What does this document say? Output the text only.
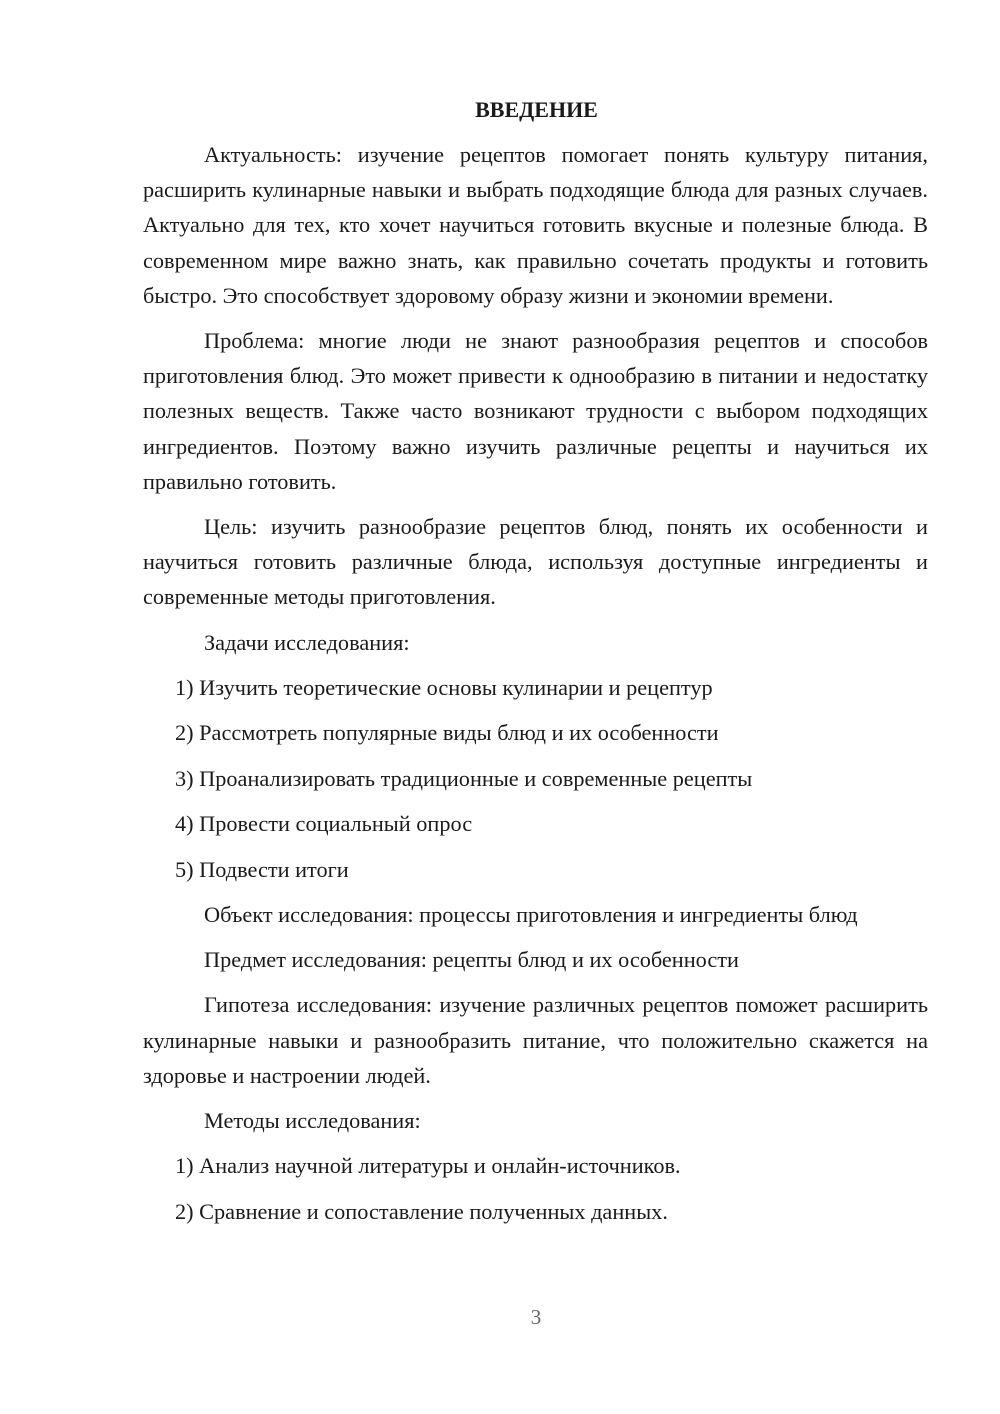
ВВЕДЕНИЕ

Актуальность: изучение рецептов помогает понять культуру питания, расширить кулинарные навыки и выбрать подходящие блюда для разных случаев. Актуально для тех, кто хочет научиться готовить вкусные и полезные блюда. В современном мире важно знать, как правильно сочетать продукты и готовить быстро. Это способствует здоровому образу жизни и экономии времени.

Проблема: многие люди не знают разнообразия рецептов и способов приготовления блюд. Это может привести к однообразию в питании и недостатку полезных веществ. Также часто возникают трудности с выбором подходящих ингредиентов. Поэтому важно изучить различные рецепты и научиться их правильно готовить.

Цель: изучить разнообразие рецептов блюд, понять их особенности и научиться готовить различные блюда, используя доступные ингредиенты и современные методы приготовления.

Задачи исследования:

1) Изучить теоретические основы кулинарии и рецептур

2) Рассмотреть популярные виды блюд и их особенности

3) Проанализировать традиционные и современные рецепты

4) Провести социальный опрос

5) Подвести итоги

Объект исследования: процессы приготовления и ингредиенты блюд

Предмет исследования: рецепты блюд и их особенности

Гипотеза исследования: изучение различных рецептов поможет расширить кулинарные навыки и разнообразить питание, что положительно скажется на здоровье и настроении людей.

Методы исследования:

1) Анализ научной литературы и онлайн-источников.

2) Сравнение и сопоставление полученных данных.

3
